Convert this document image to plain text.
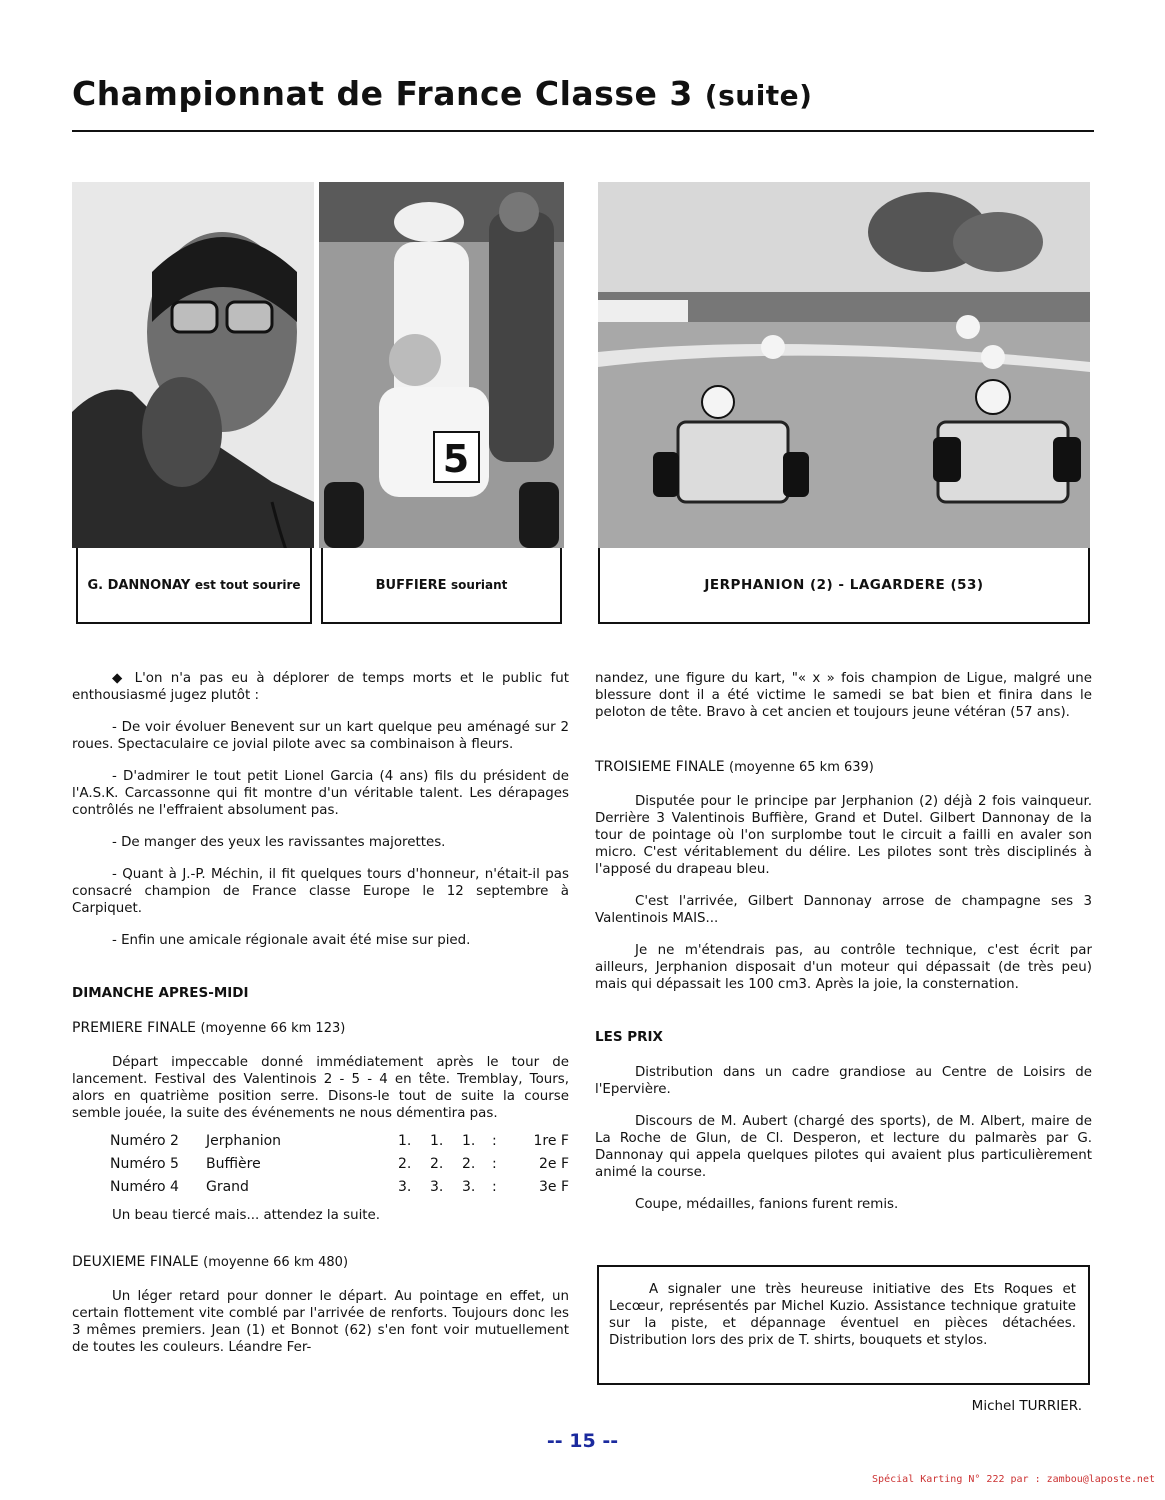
Championnat de France Classe 3 (suite)
G. DANNONAY est tout sourire
5
BUFFIERE souriant	JERPHANION (2) - LAGARDERE (53)

◆ L'on n'a pas eu à déplorer de temps morts et le public fut enthousiasmé jugez plutôt :

- De voir évoluer Benevent sur un kart quelque peu aménagé sur 2 roues. Spectaculaire ce jovial pilote avec sa combinaison à fleurs.

- D'admirer le tout petit Lionel Garcia (4 ans) fils du président de l'A.S.K. Carcassonne qui fit montre d'un véritable talent. Les dérapages contrôlés ne l'effraient absolument pas.

- De manger des yeux les ravissantes majorettes.

- Quant à J.-P. Méchin, il fit quelques tours d'honneur, n'était-il pas consacré champion de France classe Europe le 12 septembre à Carpiquet.

- Enfin une amicale régionale avait été mise sur pied.

DIMANCHE APRES-MIDI
PREMIERE FINALE (moyenne 66 km 123)

Départ impeccable donné immédiatement après le tour de lancement. Festival des Valentinois 2 - 5 - 4 en tête. Tremblay, Tours, alors en quatrième position serre. Disons-le tout de suite la course semble jouée, la suite des événements ne nous démentira pas.

Numéro 2	Jerphanion	1.	1.	1.	:	1re F
Numéro 5	Buffière	2.	2.	2.	:	2e F
Numéro 4	Grand	3.	3.	3.	:	3e F

Un beau tiercé mais... attendez la suite.

DEUXIEME FINALE (moyenne 66 km 480)

Un léger retard pour donner le départ. Au pointage en effet, un certain flottement vite comblé par l'arrivée de renforts. Toujours donc les 3 mêmes premiers. Jean (1) et Bonnot (62) s'en font voir mutuellement de toutes les couleurs. Léandre Fer-

nandez, une figure du kart, "« x » fois champion de Ligue, malgré une blessure dont il a été victime le samedi se bat bien et finira dans le peloton de tête. Bravo à cet ancien et toujours jeune vétéran (57 ans).

TROISIEME FINALE (moyenne 65 km 639)

Disputée pour le principe par Jerphanion (2) déjà 2 fois vainqueur. Derrière 3 Valentinois Buffière, Grand et Dutel. Gilbert Dannonay de la tour de pointage où l'on surplombe tout le circuit a failli en avaler son micro. C'est véritablement du délire. Les pilotes sont très disciplinés à l'apposé du drapeau bleu.

C'est l'arrivée, Gilbert Dannonay arrose de champagne ses 3 Valentinois MAIS...

Je ne m'étendrais pas, au contrôle technique, c'est écrit par ailleurs, Jerphanion disposait d'un moteur qui dépassait (de très peu) mais qui dépassait les 100 cm3. Après la joie, la consternation.

LES PRIX

Distribution dans un cadre grandiose au Centre de Loisirs de l'Epervière.

Discours de M. Aubert (chargé des sports), de M. Albert, maire de La Roche de Glun, de Cl. Desperon, et lecture du palmarès par G. Dannonay qui appela quelques pilotes qui avaient plus particulièrement animé la course.

Coupe, médailles, fanions furent remis.

A signaler une très heureuse initiative des Ets Roques et Lecœur, représentés par Michel Kuzio. Assistance technique gratuite sur la piste, et dépannage éventuel en pièces détachées. Distribution lors des prix de T. shirts, bouquets et stylos.

Michel TURRIER.
-- 15 --
Spécial Karting N° 222 par : zambou@laposte.net
